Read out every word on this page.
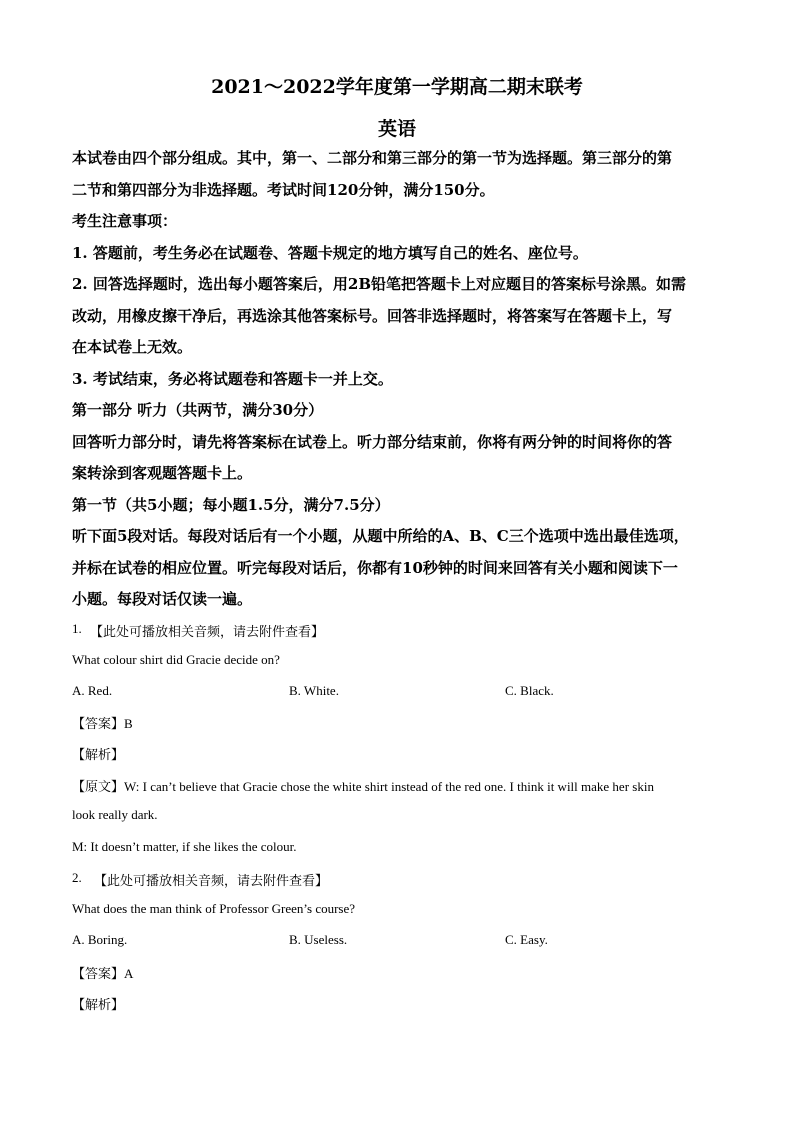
2021～2022学年度第一学期高二期末联考
英语
本试卷由四个部分组成。其中，第一、二部分和第三部分的第一节为选择题。第三部分的第
二节和第四部分为非选择题。考试时间120分钟，满分150分。
考生注意事项：
1. 答题前，考生务必在试题卷、答题卡规定的地方填写自己的姓名、座位号。
2. 回答选择题时，选出每小题答案后，用2B铅笔把答题卡上对应题目的答案标号涂黑。如需
改动，用橡皮擦干净后，再选涂其他答案标号。回答非选择题时，将答案写在答题卡上，写
在本试卷上无效。
3. 考试结束，务必将试题卷和答题卡一并上交。
第一部分 听力（共两节，满分30分）
回答听力部分时，请先将答案标在试卷上。听力部分结束前，你将有两分钟的时间将你的答
案转涂到客观题答题卡上。
第一节（共5小题；每小题1.5分，满分7.5分）
听下面5段对话。每段对话后有一个小题，从题中所给的A、B、C三个选项中选出最佳选项，
并标在试卷的相应位置。听完每段对话后，你都有10秒钟的时间来回答有关小题和阅读下一
小题。每段对话仅读一遍。
1. 【此处可播放相关音频，请去附件查看】
What colour shirt did Gracie decide on?
A. Red.	B. White.	C. Black.
【答案】B
【解析】
【原文】W: I can’t believe that Gracie chose the white shirt instead of the red one. I think it will make her skin
look really dark.
M: It doesn’t matter, if she likes the colour.
2. 【此处可播放相关音频，请去附件查看】
What does the man think of Professor Green’s course?
A. Boring.	B. Useless.	C. Easy.
【答案】A
【解析】
